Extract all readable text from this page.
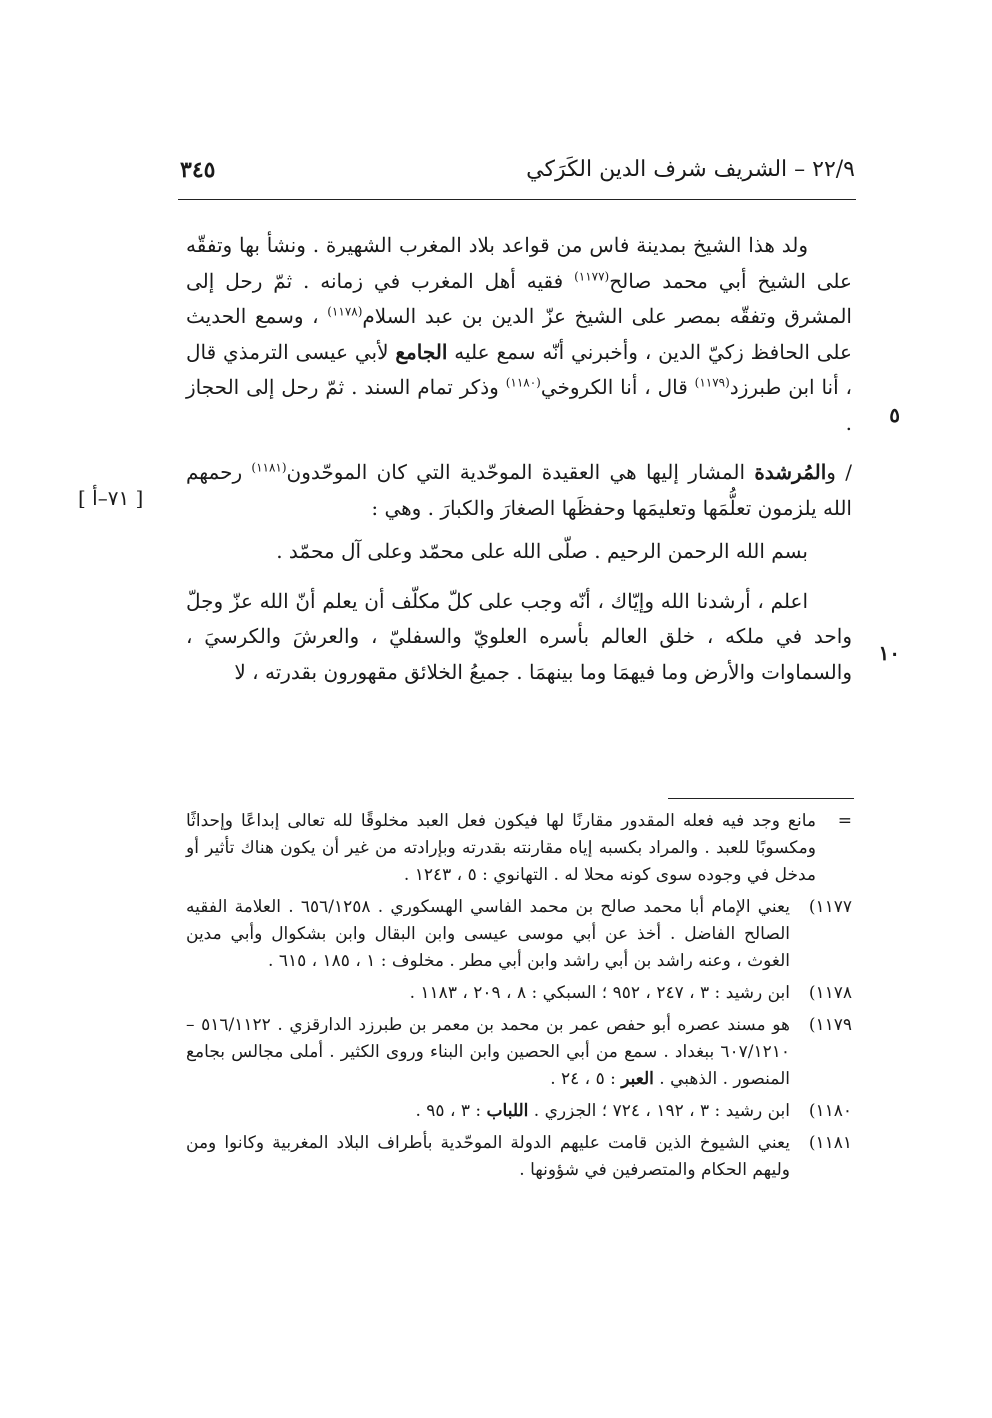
٢٢/٩ – الشريف شرف الدين الكَرَكي
٣٤٥
٥
١٠
[ ٧١–أ ]

ولد هذا الشيخ بمدينة فاس من قواعد بلاد المغرب الشهيرة . ونشأ بها وتفقّه على الشيخ أبي محمد صالح$^{(١١٧٧)}$ فقيه أهل المغرب في زمانه . ثمّ رحل إلى المشرق وتفقّه بمصر على الشيخ عزّ الدين بن عبد السلام$^{(١١٧٨)}$ ، وسمع الحديث على الحافظ زكيّ الدين ، وأخبرني أنّه سمع عليه الجامع لأبي عيسى الترمذي قال ، أنا ابن طبرزد$^{(١١٧٩)}$ قال ، أنا الكروخي$^{(١١٨٠)}$ وذكر تمام السند . ثمّ رحل إلى الحجاز .

/ والمُرشدة المشار إليها هي العقيدة الموحّدية التي كان الموحّدون$^{(١١٨١)}$ رحمهم الله يلزمون تعلُّمَها وتعليمَها وحفظَها الصغارَ والكبارَ . وهي :

بسم الله الرحمن الرحيم . صلّى الله على محمّد وعلى آل محمّد .

اعلم ، أرشدنا الله وإيّاك ، أنّه وجب على كلّ مكلّف أن يعلم أنّ الله عزّ وجلّ واحد في ملكه ، خلق العالم بأسره العلويّ والسفليّ ، والعرشَ والكرسيَ ، والسماوات والأرض وما فيهمَا وما بينهمَا . جميعُ الخلائق مقهورون بقدرته ، لا

=
مانع وجد فيه فعله المقدور مقارنًا لها فيكون فعل العبد مخلوقًا لله تعالى إبداعًا وإحداثًا ومكسوبًا للعبد . والمراد بكسبه إياه مقارنته بقدرته وبإرادته من غير أن يكون هناك تأثير أو مدخل في وجوده سوى كونه محلا له . التهانوي : ٥ ، ١٢٤٣ .

١١٧٧)
يعني الإمام أبا محمد صالح بن محمد الفاسي الهسكوري . ٦٥٦/١٢٥٨ . العلامة الفقيه الصالح الفاضل . أخذ عن أبي موسى عيسى وابن البقال وابن بشكوال وأبي مدين الغوث ، وعنه راشد بن أبي راشد وابن أبي مطر . مخلوف : ١ ، ١٨٥ ، ٦١٥ .

١١٧٨)
ابن رشيد : ٣ ، ٢٤٧ ، ٩٥٢ ؛ السبكي : ٨ ، ٢٠٩ ، ١١٨٣ .

١١٧٩)
هو مسند عصره أبو حفص عمر بن محمد بن معمر بن طبرزد الدارقزي . ٥١٦/١١٢٢ – ٦٠٧/١٢١٠ ببغداد . سمع من أبي الحصين وابن البناء وروى الكثير . أملى مجالس بجامع المنصور . الذهبي . العبر : ٥ ، ٢٤ .

١١٨٠)
ابن رشيد : ٣ ، ١٩٢ ، ٧٢٤ ؛ الجزري . اللباب : ٣ ، ٩٥ .

١١٨١)
يعني الشيوخ الذين قامت عليهم الدولة الموحّدية بأطراف البلاد المغربية وكانوا ومن وليهم الحكام والمتصرفين في شؤونها .
